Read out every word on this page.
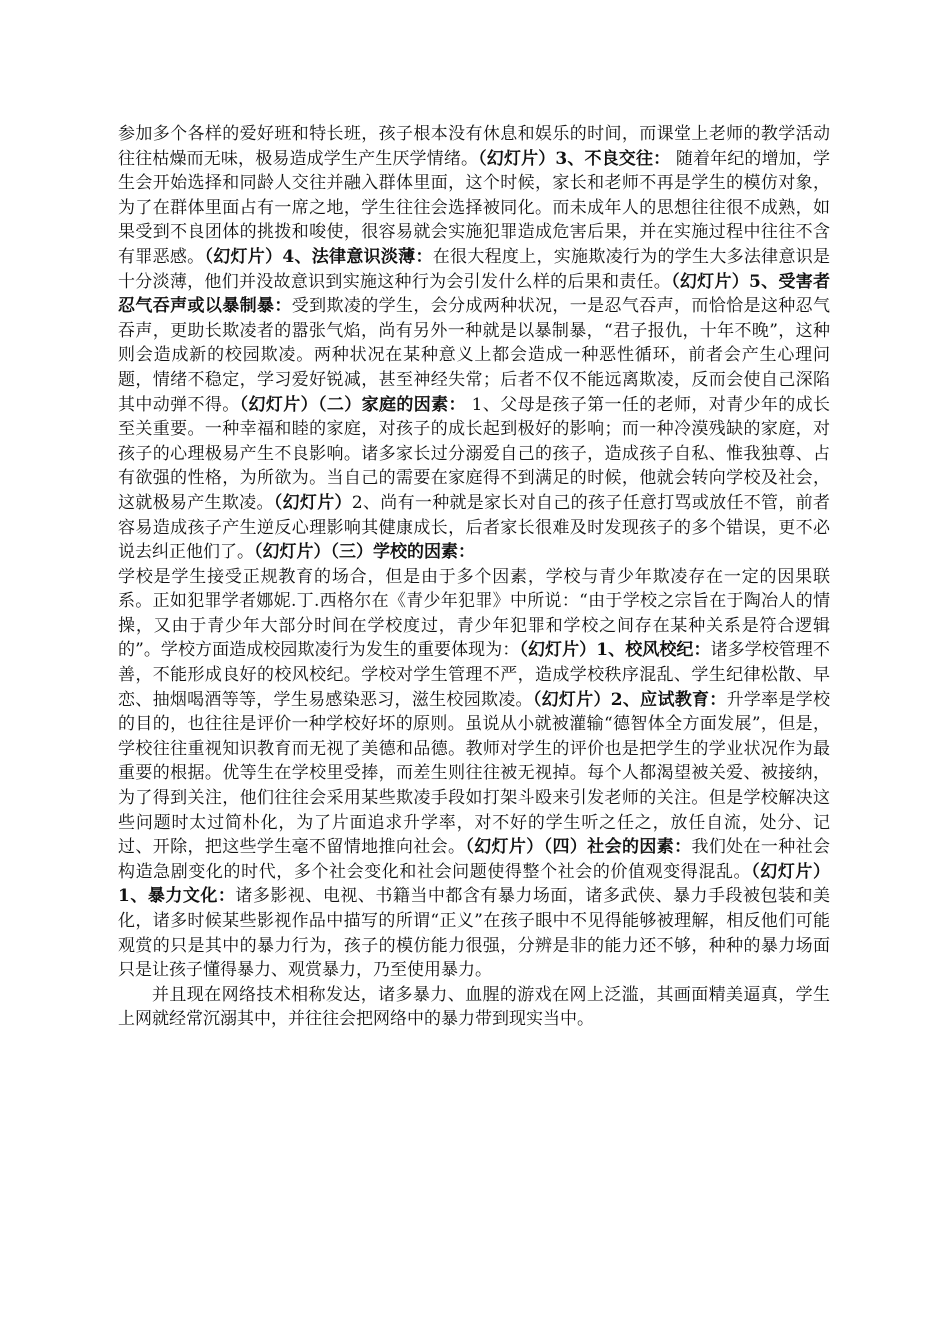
参加多个各样的爱好班和特长班，孩子根本没有休息和娱乐的时间，而课堂上老师的教学活动往往枯燥而无味，极易造成学生产生厌学情绪。（幻灯片）3、不良交往： 随着年纪的增加，学生会开始选择和同龄人交往并融入群体里面，这个时候，家长和老师不再是学生的模仿对象，为了在群体里面占有一席之地，学生往往会选择被同化。而未成年人的思想往往很不成熟，如果受到不良团体的挑拨和唆使，很容易就会实施犯罪造成危害后果，并在实施过程中往往不含有罪恶感。（幻灯片）4、法律意识淡薄：在很大程度上，实施欺凌行为的学生大多法律意识是十分淡薄，他们并没故意识到实施这种行为会引发什么样的后果和责任。（幻灯片）5、受害者忍气吞声或以暴制暴：受到欺凌的学生，会分成两种状况，一是忍气吞声，而恰恰是这种忍气吞声，更助长欺凌者的嚣张气焰，尚有另外一种就是以暴制暴，“君子报仇，十年不晚”，这种则会造成新的校园欺凌。两种状况在某种意义上都会造成一种恶性循环，前者会产生心理问题，情绪不稳定，学习爱好锐减，甚至神经失常；后者不仅不能远离欺凌，反而会使自己深陷其中动弹不得。（幻灯片）（二）家庭的因素： 1、父母是孩子第一任的老师，对青少年的成长至关重要。一种幸福和睦的家庭，对孩子的成长起到极好的影响；而一种冷漠残缺的家庭，对孩子的心理极易产生不良影响。诸多家长过分溺爱自己的孩子，造成孩子自私、惟我独尊、占有欲强的性格，为所欲为。当自己的需要在家庭得不到满足的时候，他就会转向学校及社会，这就极易产生欺凌。（幻灯片）2、尚有一种就是家长对自己的孩子任意打骂或放任不管，前者容易造成孩子产生逆反心理影响其健康成长，后者家长很难及时发现孩子的多个错误，更不必说去纠正他们了。（幻灯片）（三）学校的因素：

学校是学生接受正规教育的场合，但是由于多个因素，学校与青少年欺凌存在一定的因果联系。正如犯罪学者娜妮.丁.西格尔在《青少年犯罪》中所说：“由于学校之宗旨在于陶冶人的情操，又由于青少年大部分时间在学校度过，青少年犯罪和学校之间存在某种关系是符合逻辑的”。学校方面造成校园欺凌行为发生的重要体现为：（幻灯片）1、校风校纪：诸多学校管理不善，不能形成良好的校风校纪。学校对学生管理不严，造成学校秩序混乱、学生纪律松散、早恋、抽烟喝酒等等，学生易感染恶习，滋生校园欺凌。（幻灯片）2、应试教育：升学率是学校的目的，也往往是评价一种学校好坏的原则。虽说从小就被灌输“德智体全方面发展”，但是，学校往往重视知识教育而无视了美德和品德。教师对学生的评价也是把学生的学业状况作为最重要的根据。优等生在学校里受捧，而差生则往往被无视掉。每个人都渴望被关爱、被接纳，为了得到关注，他们往往会采用某些欺凌手段如打架斗殴来引发老师的关注。但是学校解决这些问题时太过简朴化，为了片面追求升学率，对不好的学生听之任之，放任自流，处分、记过、开除，把这些学生毫不留情地推向社会。（幻灯片）（四）社会的因素：我们处在一种社会构造急剧变化的时代，多个社会变化和社会问题使得整个社会的价值观变得混乱。（幻灯片）1、暴力文化：诸多影视、电视、书籍当中都含有暴力场面，诸多武侠、暴力手段被包装和美化，诸多时候某些影视作品中描写的所谓“正义”在孩子眼中不见得能够被理解，相反他们可能观赏的只是其中的暴力行为，孩子的模仿能力很强，分辨是非的能力还不够，种种的暴力场面只是让孩子懂得暴力、观赏暴力，乃至使用暴力。

并且现在网络技术相称发达，诸多暴力、血腥的游戏在网上泛滥，其画面精美逼真，学生上网就经常沉溺其中，并往往会把网络中的暴力带到现实当中。
